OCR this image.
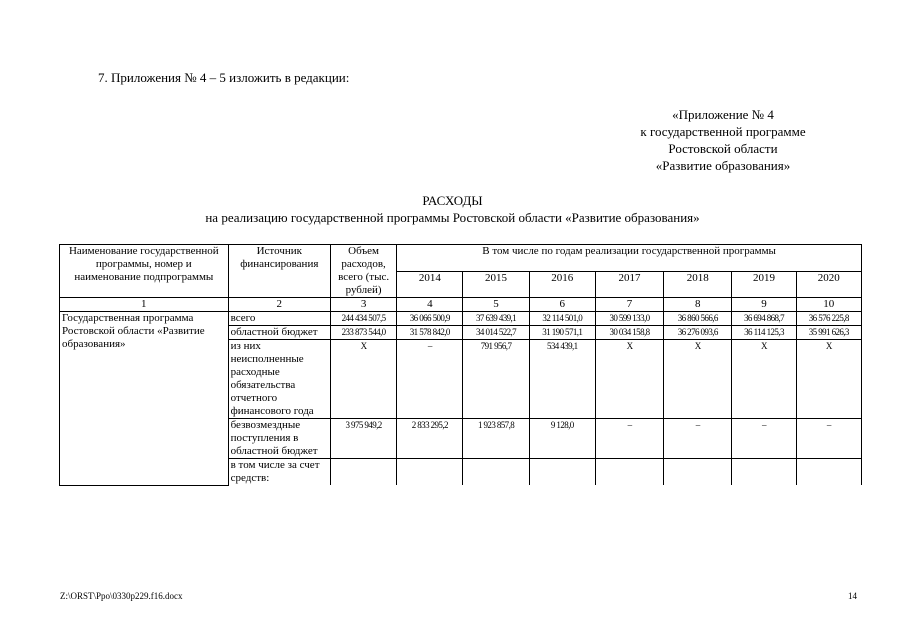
7. Приложения № 4 – 5 изложить в редакции:
«Приложение № 4
к государственной программе
Ростовской области
«Развитие образования»
РАСХОДЫ
на реализацию государственной программы Ростовской области «Развитие образования»
Наименование государственной программы, номер и наименование подпрограммы	Источник финансирования	Объем расходов, всего (тыс. рублей)	В том числе по годам реализации государственной программы						
			2014	2015	2016	2017	2018	2019	2020
1	2	3	4	5	6	7	8	9	10
Государственная программа Ростовской области «Развитие образования»	всего	244 434 507,5	36 066 500,9	37 639 439,1	32 114 501,0	30 599 133,0	36 860 566,6	36 694 868,7	36 576 225,8
	областной бюджет	233 873 544,0	31 578 842,0	34 014 522,7	31 190 571,1	30 034 158,8	36 276 093,6	36 114 125,3	35 991 626,3
	из них неисполненные расходные обязательства отчетного финансового года	X	–	791 956,7	534 439,1	X	X	X	X
	безвозмездные поступления в областной бюджет	3 975 949,2	2 833 295,2	1 923 857,8	9 128,0	–	–	–	–
	в том числе за счет средств:								
Z:\ORST\Ppo\0330p229.f16.docx	14
